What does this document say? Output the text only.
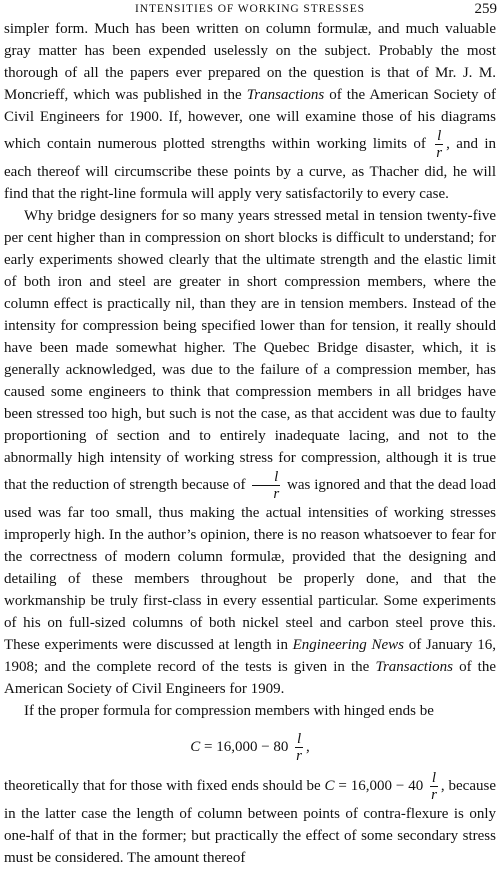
INTENSITIES OF WORKING STRESSES	259

simpler form. Much has been written on column formulæ, and much valuable gray matter has been expended uselessly on the subject. Probably the most thorough of all the papers ever prepared on the question is that of Mr. J. M. Moncrieff, which was published in the Transactions of the American Society of Civil Engineers for 1900. If, however, one will examine those of his diagrams which contain numerous plotted strengths within working limits of $\frac{l}{r}$ , and in each thereof will circumscribe these points by a curve, as Thacher did, he will find that the right-line formula will apply very satisfactorily to every case.

Why bridge designers for so many years stressed metal in tension twenty-five per cent higher than in compression on short blocks is difficult to understand; for early experiments showed clearly that the ultimate strength and the elastic limit of both iron and steel are greater in short compression members, where the column effect is practically nil, than they are in tension members. Instead of the intensity for compression being specified lower than for tension, it really should have been made somewhat higher. The Quebec Bridge disaster, which, it is generally acknowledged, was due to the failure of a compression member, has caused some engineers to think that compression members in all bridges have been stressed too high, but such is not the case, as that accident was due to faulty proportioning of section and to entirely inadequate lacing, and not to the abnormally high intensity of working stress for compression, although it is true that the reduction of strength because of $\frac{l}{r}$ was ignored and that the dead load used was far too small, thus making the actual intensities of working stresses improperly high. In the author’s opinion, there is no reason whatsoever to fear for the correctness of modern column formulæ, provided that the designing and detailing of these members throughout be properly done, and that the workmanship be truly first-class in every essential particular. Some experiments of his on full-sized columns of both nickel steel and carbon steel prove this. These experiments were discussed at length in Engineering News of January 16, 1908; and the complete record of the tests is given in the Transactions of the American Society of Civil Engineers for 1909.

If the proper formula for compression members with hinged ends be

$C = 16,000 - 80 \frac{l}{r}$ ,

theoretically that for those with fixed ends should be $C = 16,000 - 40 \frac{l}{r}$ , because in the latter case the length of column between points of contra-flexure is only one-half of that in the former; but practically the effect of some secondary stress must be considered. The amount thereof
